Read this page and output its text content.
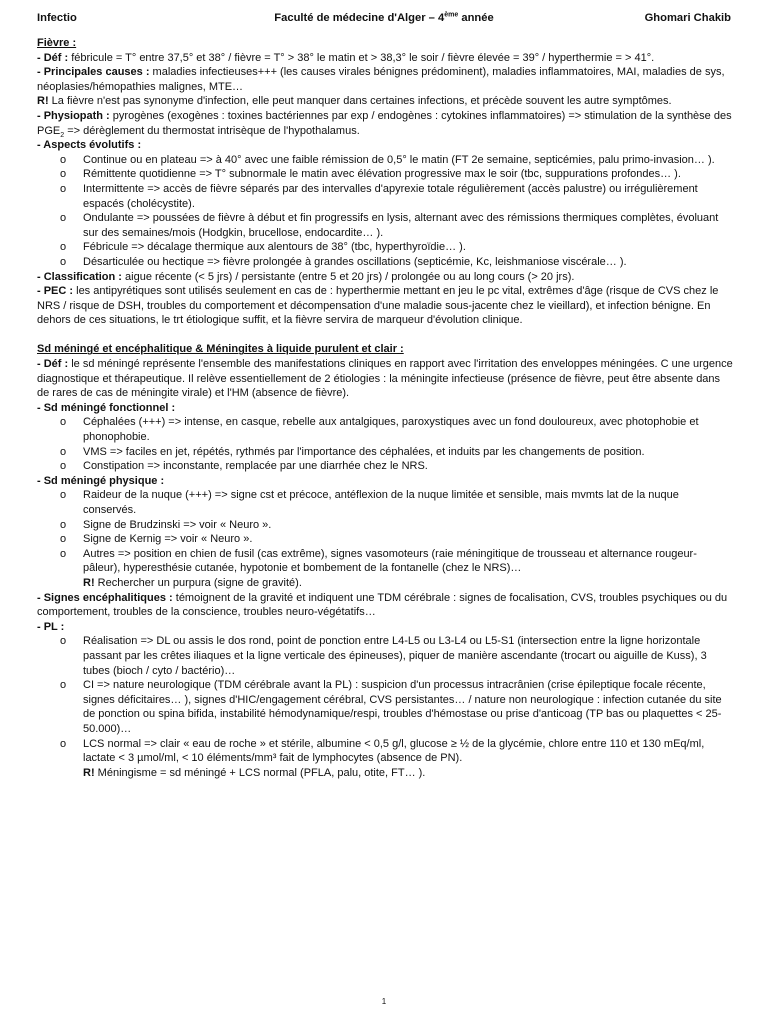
Infectio	Faculté de médecine d'Alger – 4ème année	Ghomari Chakib

Fièvre :

- Déf : fébricule = T° entre 37,5° et 38° / fièvre = T° > 38° le matin et > 38,3° le soir / fièvre élevée = 39° / hyperthermie = > 41°.

- Principales causes : maladies infectieuses+++ (les causes virales bénignes prédominent), maladies inflammatoires, MAI, maladies de sys, néoplasies/hémopathies malignes, MTE…

R! La fièvre n'est pas synonyme d'infection, elle peut manquer dans certaines infections, et précède souvent les autre symptômes.

- Physiopath : pyrogènes (exogènes : toxines bactériennes par exp / endogènes : cytokines inflammatoires) => stimulation de la synthèse des $PGE_2$ => dérèglement du thermostat intrisèque de l'hypothalamus.

- Aspects évolutifs :

o Continue ou en plateau => à 40° avec une faible rémission de 0,5° le matin (FT 2e semaine, septicémies, palu primo-invasion… ).
o Rémittente quotidienne => T° subnormale le matin avec élévation progressive max le soir (tbc, suppurations profondes… ).
o Intermittente => accès de fièvre séparés par des intervalles d'apyrexie totale régulièrement (accès palustre) ou irrégulièrement espacés (cholécystite).
o Ondulante => poussées de fièvre à début et fin progressifs en lysis, alternant avec des rémissions thermiques complètes, évoluant sur des semaines/mois (Hodgkin, brucellose, endocardite… ).
o Fébricule => décalage thermique aux alentours de 38° (tbc, hyperthyroïdie… ).
o Désarticulée ou hectique => fièvre prolongée à grandes oscillations (septicémie, Kc, leishmaniose viscérale… ).

- Classification : aigue récente (< 5 jrs) / persistante (entre 5 et 20 jrs) / prolongée ou au long cours (> 20 jrs).

- PEC : les antipyrétiques sont utilisés seulement en cas de : hyperthermie mettant en jeu le pc vital, extrêmes d'âge (risque de CVS chez le NRS / risque de DSH, troubles du comportement et décompensation d'une maladie sous-jacente chez le vieillard), et infection bénigne. En dehors de ces situations, le trt étiologique suffit, et la fièvre servira de marqueur d'évolution clinique.

Sd méningé et encéphalitique & Méningites à liquide purulent et clair :

- Déf : le sd méningé représente l'ensemble des manifestations cliniques en rapport avec l'irritation des enveloppes méningées. C une urgence diagnostique et thérapeutique. Il relève essentiellement de 2 étiologies : la méningite infectieuse (présence de fièvre, peut être absente dans de rares de cas de méningite virale) et l'HM (absence de fièvre).

- Sd méningé fonctionnel :

o Céphalées (+++) => intense, en casque, rebelle aux antalgiques, paroxystiques avec un fond douloureux, avec photophobie et phonophobie.
o VMS => faciles en jet, répétés, rythmés par l'importance des céphalées, et induits par les changements de position.
o Constipation => inconstante, remplacée par une diarrhée chez le NRS.

- Sd méningé physique :

o Raideur de la nuque (+++) => signe cst et précoce, antéflexion de la nuque limitée et sensible, mais mvmts lat de la nuque conservés.
o Signe de Brudzinski => voir « Neuro ».
o Signe de Kernig => voir « Neuro ».
o Autres => position en chien de fusil (cas extrême), signes vasomoteurs (raie méningitique de trousseau et alternance rougeur-pâleur), hyperesthésie cutanée, hypotonie et bombement de la fontanelle (chez le NRS)…
R! Rechercher un purpura (signe de gravité).

- Signes encéphalitiques : témoignent de la gravité et indiquent une TDM cérébrale : signes de focalisation, CVS, troubles psychiques ou du comportement, troubles de la conscience, troubles neuro-végétatifs…

- PL :

o Réalisation => DL ou assis le dos rond, point de ponction entre L4-L5 ou L3-L4 ou L5-S1 (intersection entre la ligne horizontale passant par les crêtes iliaques et la ligne verticale des épineuses), piquer de manière ascendante (trocart ou aiguille de Kuss), 3 tubes (bioch / cyto / bactério)…
o CI => nature neurologique (TDM cérébrale avant la PL) : suspicion d'un processus intracrânien (crise épileptique focale récente, signes déficitaires… ), signes d'HIC/engagement cérébral, CVS persistantes… / nature non neurologique : infection cutanée du site de ponction ou spina bifida, instabilité hémodynamique/respi, troubles d'hémostase ou prise d'anticoag (TP bas ou plaquettes < 25-50.000)…
o LCS normal => clair « eau de roche » et stérile, albumine < 0,5 g/l, glucose ≥ ½ de la glycémie, chlore entre 110 et 130 mEq/ml, lactate < 3 µmol/ml, < 10 éléments/mm³ fait de lymphocytes (absence de PN).
R! Méningisme = sd méningé + LCS normal (PFLA, palu, otite, FT… ).
1
